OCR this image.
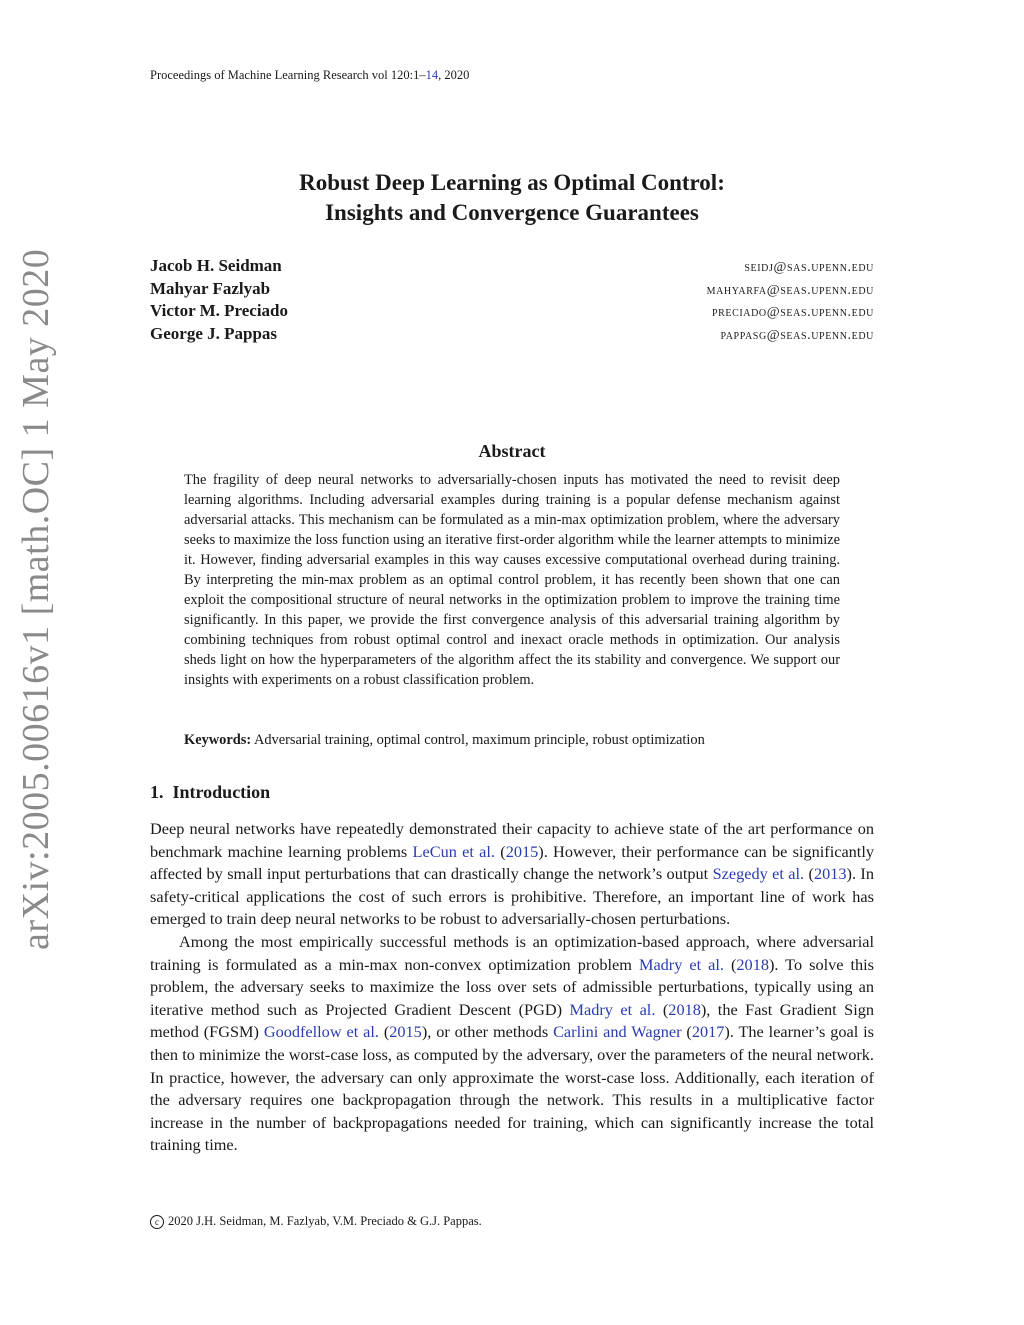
Proceedings of Machine Learning Research vol 120:1–14, 2020
arXiv:2005.00616v1 [math.OC] 1 May 2020
Robust Deep Learning as Optimal Control:
Insights and Convergence Guarantees
Jacob H. Seidman	seidj@sas.upenn.edu
Mahyar Fazlyab	mahyarfa@seas.upenn.edu
Victor M. Preciado	preciado@seas.upenn.edu
George J. Pappas	pappasg@seas.upenn.edu
Abstract
The fragility of deep neural networks to adversarially-chosen inputs has motivated the need to revisit deep learning algorithms. Including adversarial examples during training is a popular defense mechanism against adversarial attacks. This mechanism can be formulated as a min-max optimization problem, where the adversary seeks to maximize the loss function using an iterative first-order algorithm while the learner attempts to minimize it. However, finding adversarial examples in this way causes excessive computational overhead during training. By interpreting the min-max problem as an optimal control problem, it has recently been shown that one can exploit the compositional structure of neural networks in the optimization problem to improve the training time significantly. In this paper, we provide the first convergence analysis of this adversarial training algorithm by combining techniques from robust optimal control and inexact oracle methods in optimization. Our analysis sheds light on how the hyperparameters of the algorithm affect the its stability and convergence. We support our insights with experiments on a robust classification problem.
Keywords: Adversarial training, optimal control, maximum principle, robust optimization
1. Introduction

Deep neural networks have repeatedly demonstrated their capacity to achieve state of the art performance on benchmark machine learning problems LeCun et al. (2015). However, their performance can be significantly affected by small input perturbations that can drastically change the network’s output Szegedy et al. (2013). In safety-critical applications the cost of such errors is prohibitive. Therefore, an important line of work has emerged to train deep neural networks to be robust to adversarially-chosen perturbations.

Among the most empirically successful methods is an optimization-based approach, where adversarial training is formulated as a min-max non-convex optimization problem Madry et al. (2018). To solve this problem, the adversary seeks to maximize the loss over sets of admissible perturbations, typically using an iterative method such as Projected Gradient Descent (PGD) Madry et al. (2018), the Fast Gradient Sign method (FGSM) Goodfellow et al. (2015), or other methods Carlini and Wagner (2017). The learner’s goal is then to minimize the worst-case loss, as computed by the adversary, over the parameters of the neural network. In practice, however, the adversary can only approximate the worst-case loss. Additionally, each iteration of the adversary requires one backpropagation through the network. This results in a multiplicative factor increase in the number of backpropagations needed for training, which can significantly increase the total training time.

c 2020 J.H. Seidman, M. Fazlyab, V.M. Preciado & G.J. Pappas.
